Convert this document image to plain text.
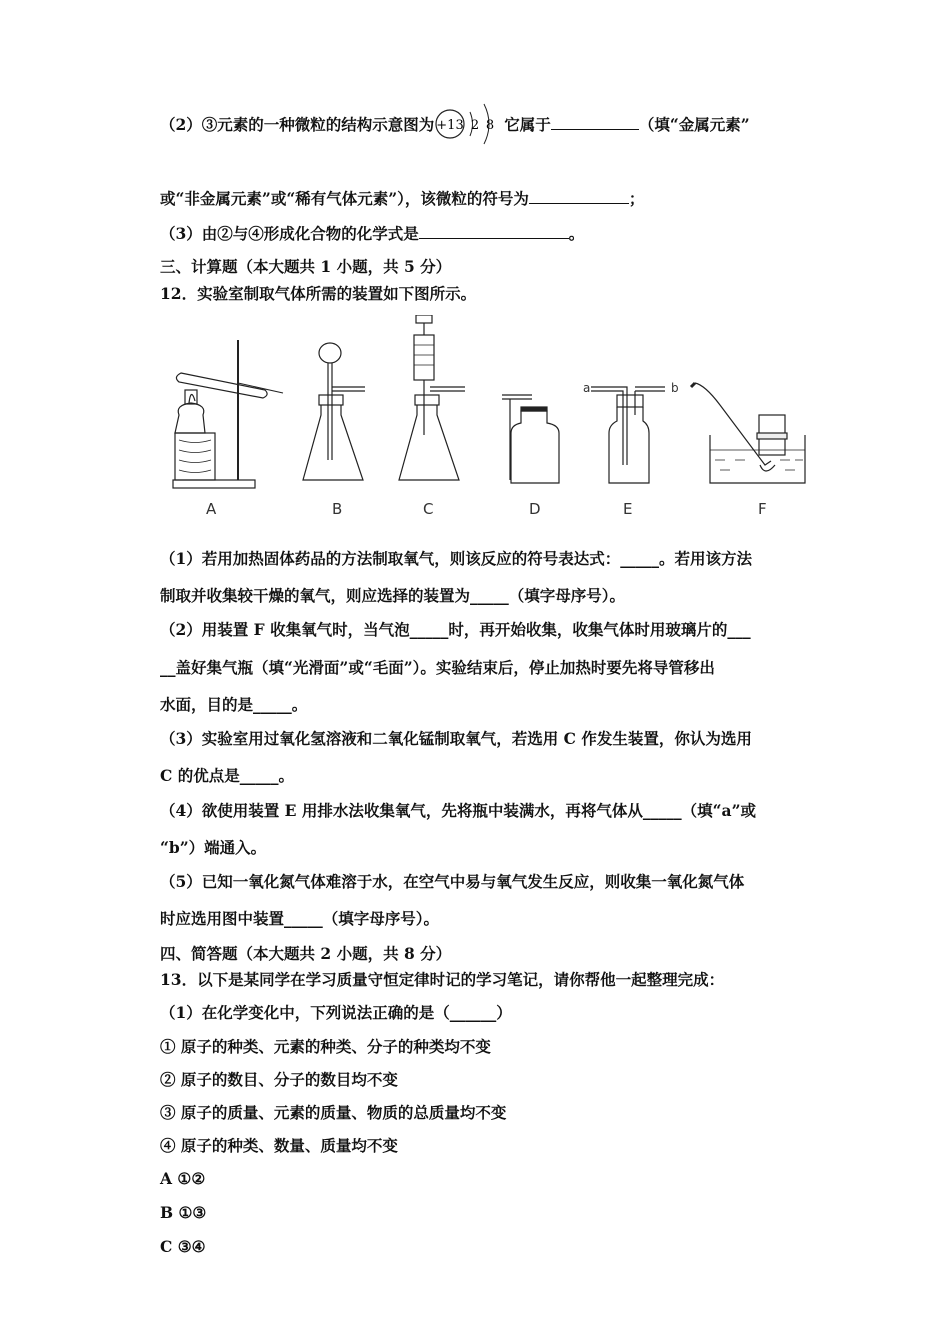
（2）③元素的一种微粒的结构示意图为 +13 2 8 它属于	（填“金属元素”
或“非金属元素”或“稀有气体元素”），该微粒的符号为	；
（3）由②与④形成化合物的化学式是	。
三、计算题（本大题共 1 小题，共 5 分）
12．实验室制取气体所需的装置如下图所示。
a	b
A	B	C	D	E	F
（1）若用加热固体药品的方法制取氧气，则该反应的符号表达式：_____。若用该方法
制取并收集较干燥的氧气，则应选择的装置为_____（填字母序号）。
（2）用装置 F 收集氧气时，当气泡_____时，再开始收集，收集气体时用玻璃片的___
__盖好集气瓶（填“光滑面”或“毛面”）。实验结束后，停止加热时要先将导管移出
水面，目的是_____。
（3）实验室用过氧化氢溶液和二氧化锰制取氧气，若选用 C 作发生装置，你认为选用
C 的优点是_____。
（4）欲使用装置 E 用排水法收集氧气，先将瓶中装满水，再将气体从_____（填“a”或
“b”）端通入。
（5）已知一氧化氮气体难溶于水，在空气中易与氧气发生反应，则收集一氧化氮气体
时应选用图中装置_____（填字母序号）。
四、简答题（本大题共 2 小题，共 8 分）
13．以下是某同学在学习质量守恒定律时记的学习笔记，请你帮他一起整理完成：
（1）在化学变化中，下列说法正确的是（______）
① 原子的种类、元素的种类、分子的种类均不变
② 原子的数目、分子的数目均不变
③ 原子的质量、元素的质量、物质的总质量均不变
④ 原子的种类、数量、质量均不变
A ①②
B ①③
C ③④
